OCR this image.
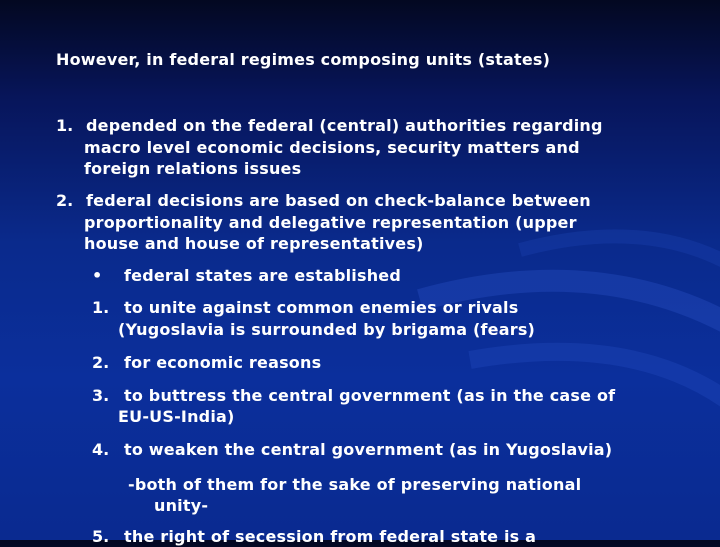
However, in federal regimes composing units (states)
1. depended on the federal (central) authorities regarding
macro level economic decisions, security matters and
foreign relations issues
2. federal decisions are based on check-balance between
proportionality and delegative representation (upper
house and house of representatives)
• federal states are established
1. to unite against common enemies or rivals
(Yugoslavia is surrounded by brigama (fears)
2. for economic reasons
3. to buttress the central government (as in the case of
EU-US-India)
4. to weaken the central government (as in Yugoslavia)
-both of them for the sake of preserving national
unity-
5. the right of secession from federal state is a
